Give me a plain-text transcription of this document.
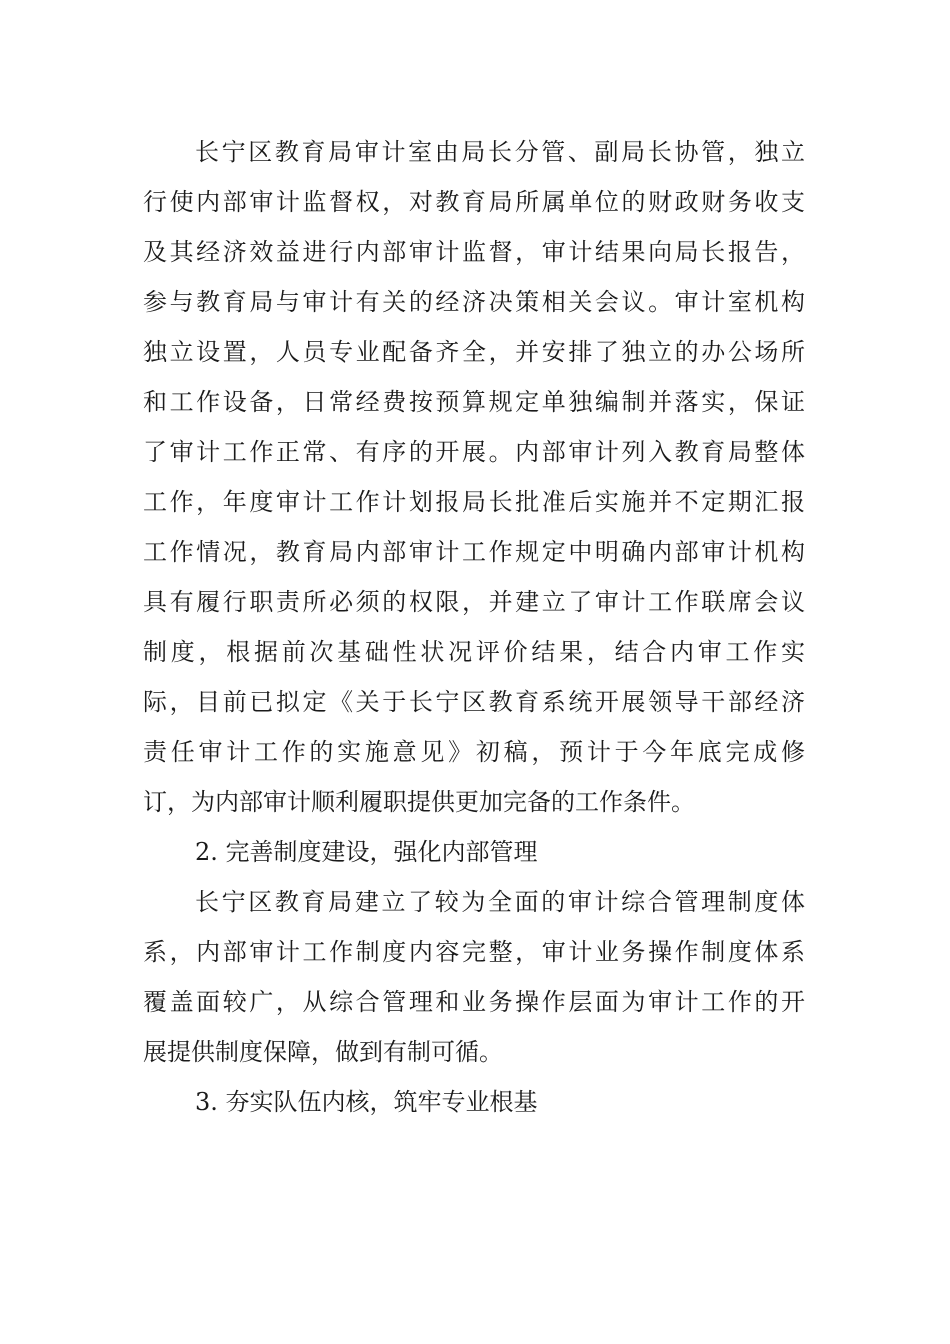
长宁区教育局审计室由局长分管、副局长协管，独立
行使内部审计监督权，对教育局所属单位的财政财务收支
及其经济效益进行内部审计监督，审计结果向局长报告，
参与教育局与审计有关的经济决策相关会议。审计室机构
独立设置，人员专业配备齐全，并安排了独立的办公场所
和工作设备，日常经费按预算规定单独编制并落实，保证
了审计工作正常、有序的开展。内部审计列入教育局整体
工作，年度审计工作计划报局长批准后实施并不定期汇报
工作情况，教育局内部审计工作规定中明确内部审计机构
具有履行职责所必须的权限，并建立了审计工作联席会议
制度，根据前次基础性状况评价结果，结合内审工作实
际，目前已拟定《关于长宁区教育系统开展领导干部经济
责任审计工作的实施意见》初稿，预计于今年底完成修
订，为内部审计顺利履职提供更加完备的工作条件。
2. 完善制度建设，强化内部管理
长宁区教育局建立了较为全面的审计综合管理制度体
系，内部审计工作制度内容完整，审计业务操作制度体系
覆盖面较广，从综合管理和业务操作层面为审计工作的开
展提供制度保障，做到有制可循。
3. 夯实队伍内核，筑牢专业根基
